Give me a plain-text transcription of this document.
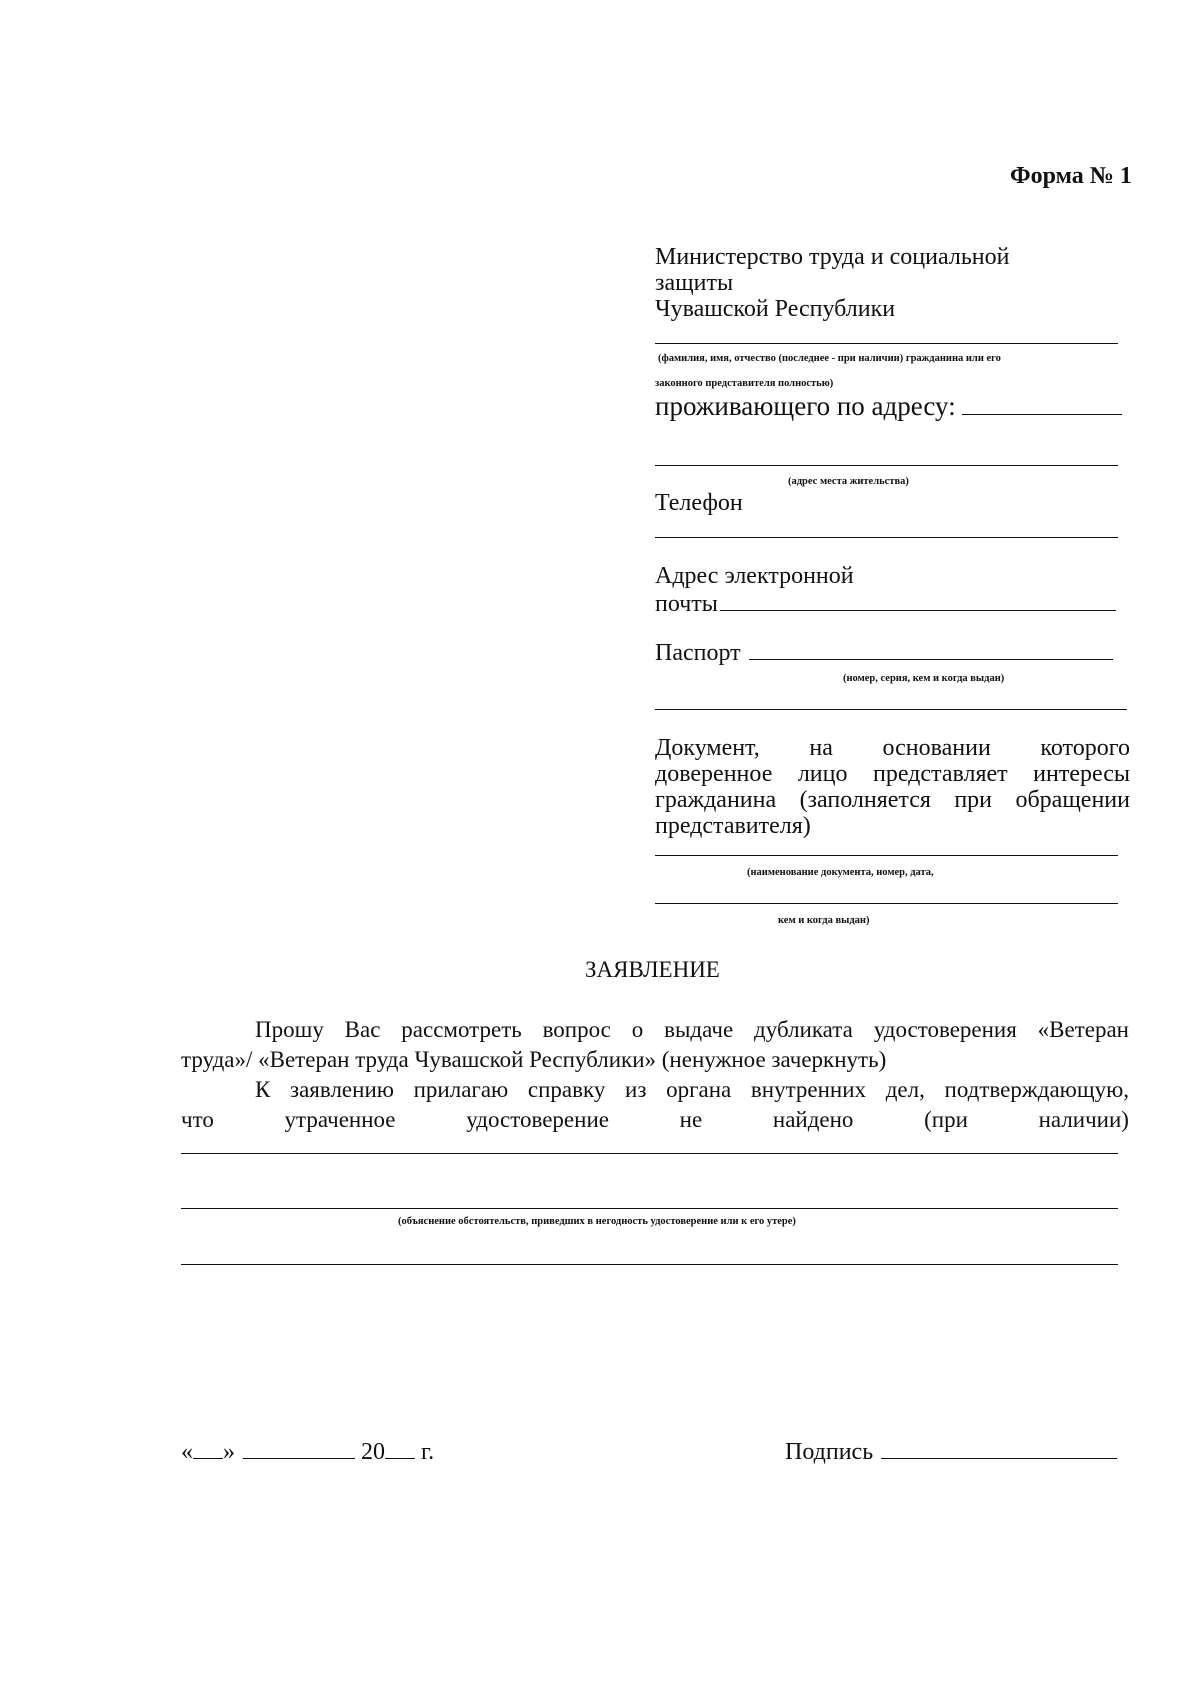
Форма № 1
Министерство труда и социальной
защиты
Чувашской Республики
(фамилия, имя, отчество (последнее - при наличии) гражданина или его
законного представителя полностью)
проживающего по адресу:
(адрес места жительства)
Телефон
Адрес электронной
почты
Паспорт
(номер, серия, кем и когда выдан)
Документ, на основании которого
доверенное лицо представляет интересы
гражданина (заполняется при обращении
представителя)
(наименование документа, номер, дата,
кем и когда выдан)
ЗАЯВЛЕНИЕ
Прошу Вас рассмотреть вопрос о выдаче дубликата удостоверения «Ветеран
труда»/ «Ветеран труда Чувашской Республики» (ненужное зачеркнуть)
К заявлению прилагаю справку из органа внутренних дел, подтверждающую,
что	утраченное	удостоверение	не	найдено	(при	наличии)
(объяснение обстоятельств, приведших в негодность удостоверение или к его утере)
« »	20 г.	Подпись
